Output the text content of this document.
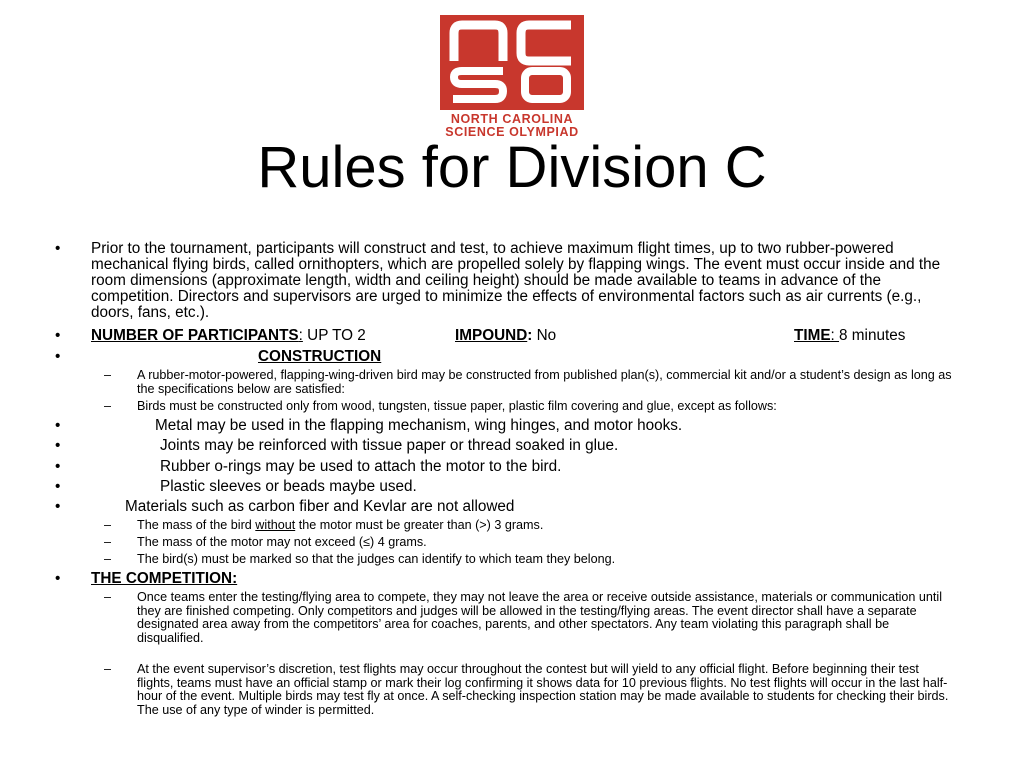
NORTH CAROLINA
SCIENCE OLYMPIAD
Rules for Division C
• Prior to the tournament, participants will construct and test, to achieve maximum flight times, up to two rubber-powered mechanical flying birds, called ornithopters, which are propelled solely by flapping wings. The event must occur inside and the room dimensions (approximate length, width and ceiling height) should be made available to teams in advance of the competition. Directors and supervisors are urged to minimize the effects of environmental factors such as air currents (e.g., doors, fans, etc.).
• NUMBER OF PARTICIPANTS: UP TO 2	IMPOUND: No	TIME: 8 minutes
• CONSTRUCTION
– A rubber-motor-powered, flapping-wing-driven bird may be constructed from published plan(s), commercial kit and/or a student’s design as long as the specifications below are satisfied:
– Birds must be constructed only from wood, tungsten, tissue paper, plastic film covering and glue, except as follows:
• Metal may be used in the flapping mechanism, wing hinges, and motor hooks.
• Joints may be reinforced with tissue paper or thread soaked in glue.
• Rubber o-rings may be used to attach the motor to the bird.
• Plastic sleeves or beads maybe used.
• Materials such as carbon fiber and Kevlar are not allowed
– The mass of the bird without the motor must be greater than (>) 3 grams.
– The mass of the motor may not exceed (≤) 4 grams.
– The bird(s) must be marked so that the judges can identify to which team they belong.
• THE COMPETITION:
– Once teams enter the testing/flying area to compete, they may not leave the area or receive outside assistance, materials or communication until they are finished competing. Only competitors and judges will be allowed in the testing/flying areas. The event director shall have a separate designated area away from the competitors’ area for coaches, parents, and other spectators. Any team violating this paragraph shall be disqualified.
– At the event supervisor’s discretion, test flights may occur throughout the contest but will yield to any official flight. Before beginning their test flights, teams must have an official stamp or mark their log confirming it shows data for 10 previous flights. No test flights will occur in the last half-hour of the event. Multiple birds may test fly at once. A self-checking inspection station may be made available to students for checking their birds. The use of any type of winder is permitted.
